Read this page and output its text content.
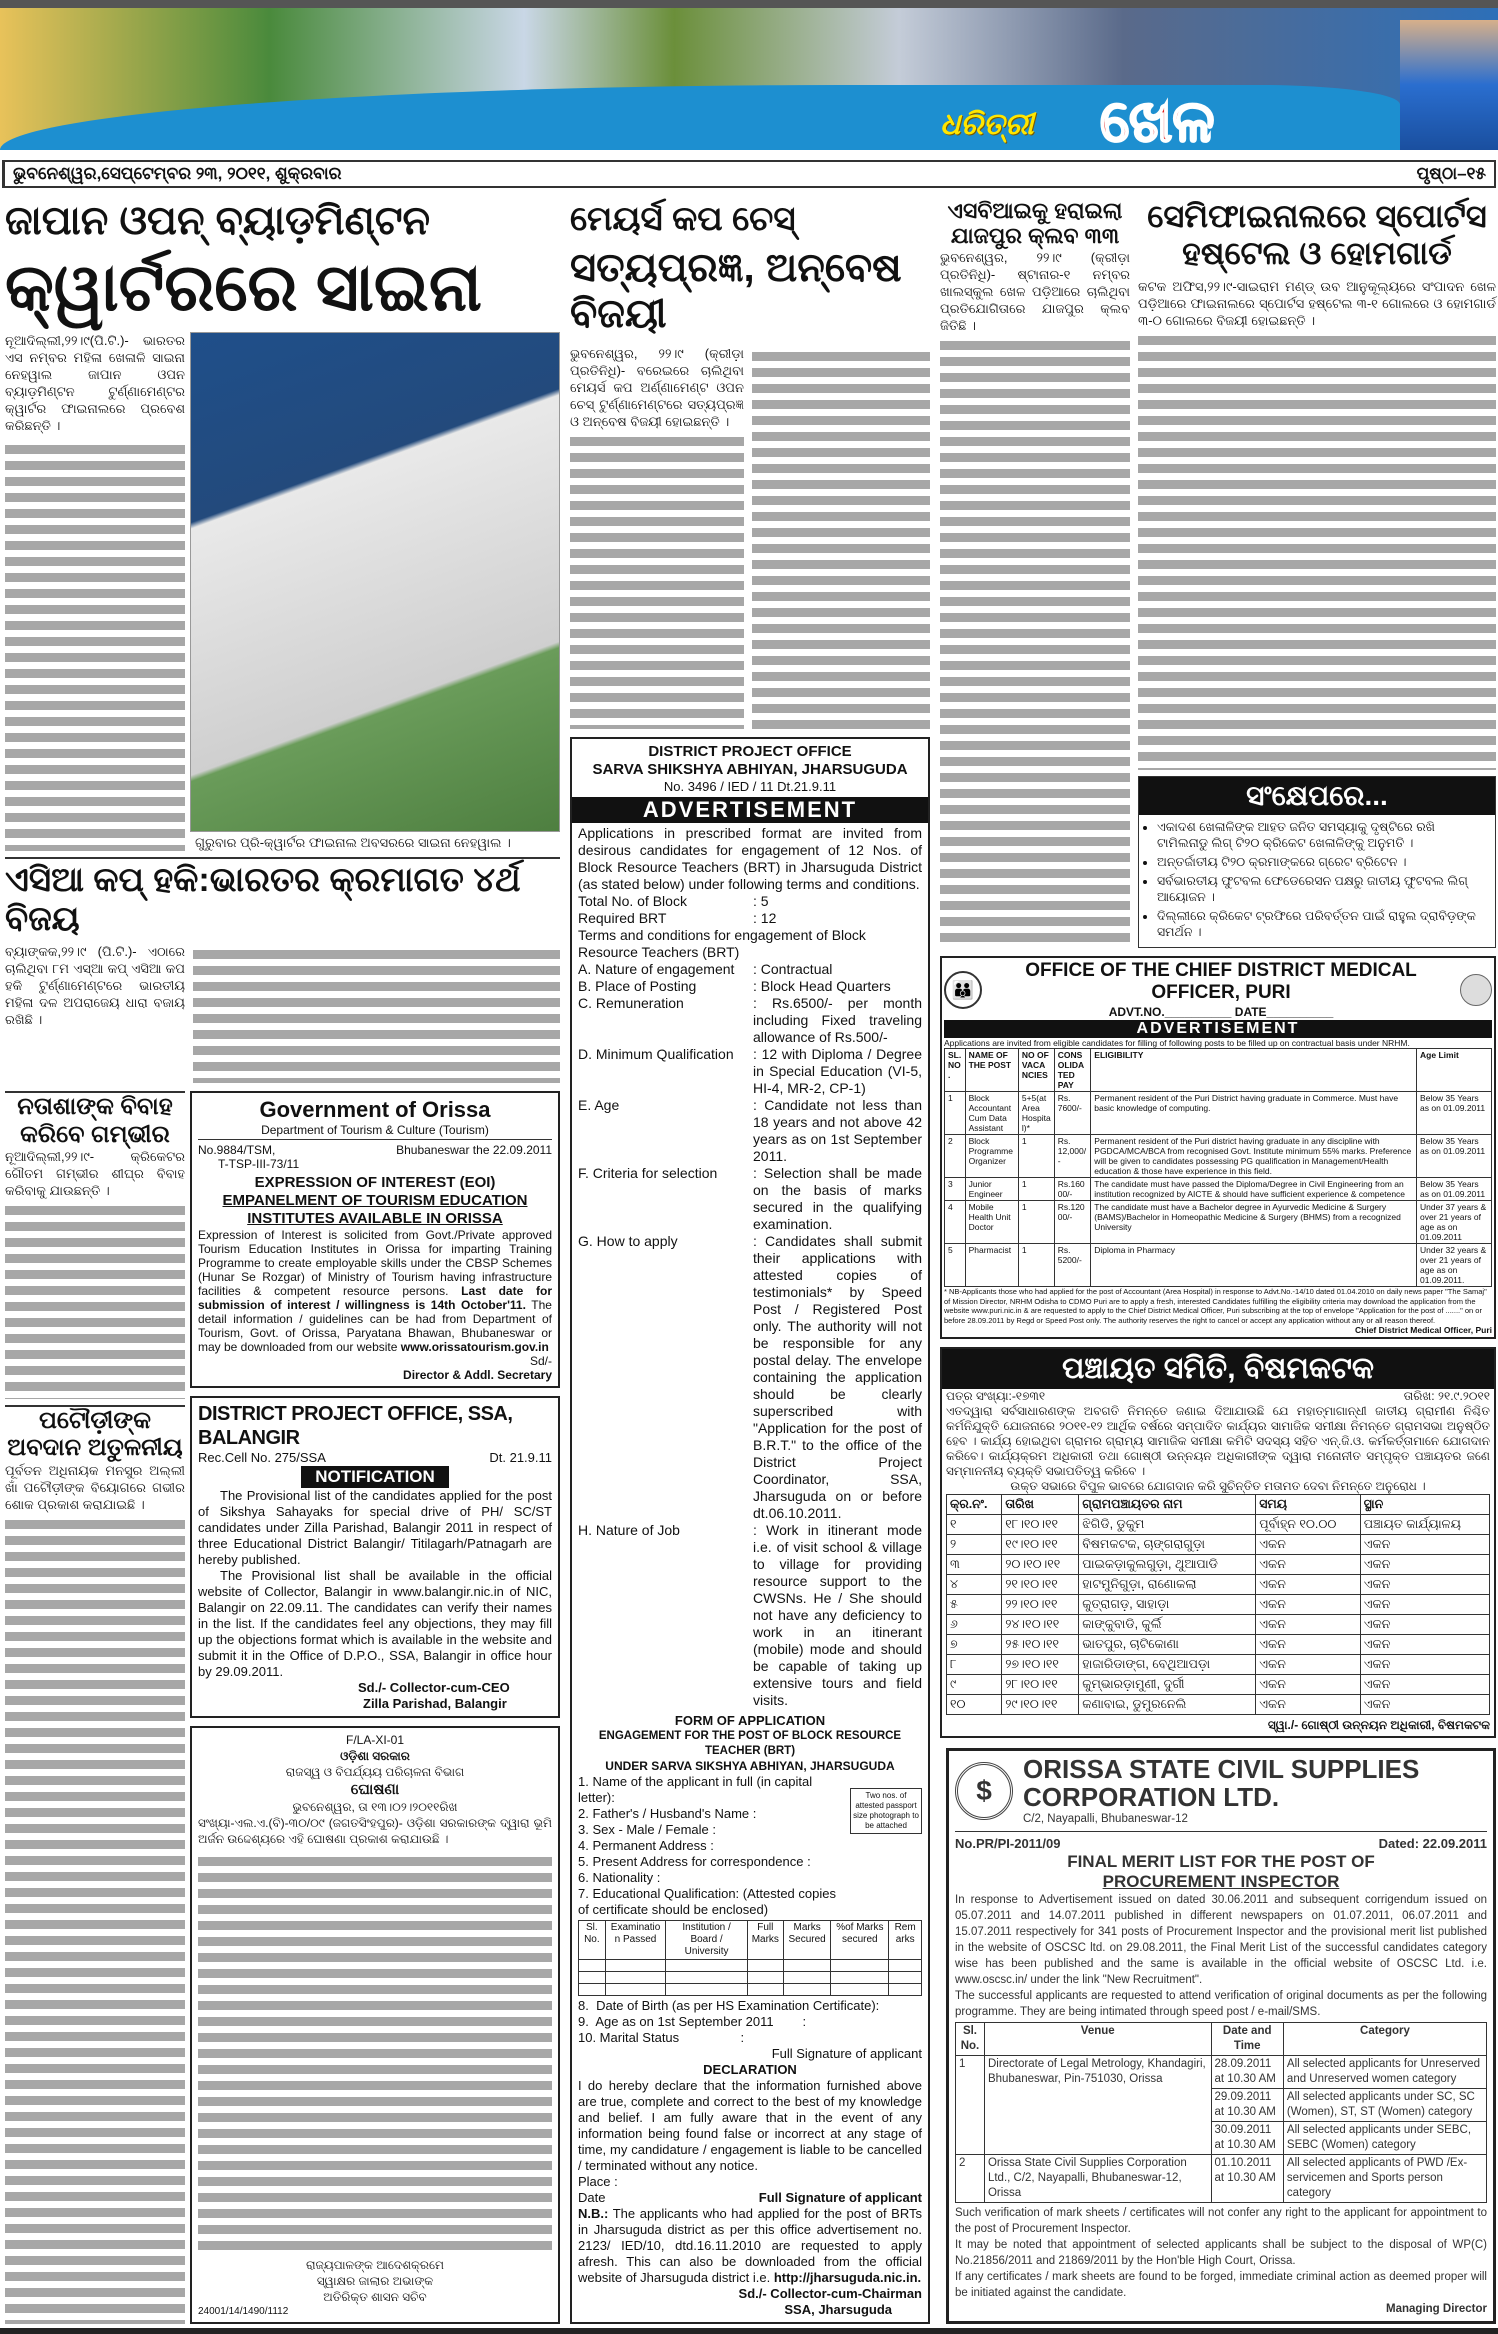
ଧରିତ୍ରୀ ଖେଳ
ଭୁବନେଶ୍ୱର,ସେପ୍ଟେମ୍ବର ୨୩, ୨୦୧୧, ଶୁକ୍ରବାର	ପୃଷ୍ଠା–୧୫
ଜାପାନ ଓପନ୍ ବ୍ୟାଡ଼ମିଣ୍ଟନ
କ୍ୱାର୍ଟରରେ ସାଇନା

ନୂଆଦିଲ୍ଲୀ,୨୨।୯(ପି.ଟି.)- ଭାରତର ଏସ ନମ୍ବର ମହିଳା ଖେଳାଳି ସାଇନା ନେହୱାଲ ଜାପାନ ଓପନ ବ୍ୟାଡ଼ମିଣ୍ଟନ ଟୁର୍ଣ୍ଣାମେଣ୍ଟର କ୍ୱାର୍ଟର ଫାଇନାଲରେ ପ୍ରବେଶ କରିଛନ୍ତି ।

ଗୁରୁବାର ପ୍ରି-କ୍ୱାର୍ଟର ଫାଇନାଲ ଅବସରରେ ସାଇନା ନେହୱାଲ ।
ଏସିଆ କପ୍ ହକି:ଭାରତର କ୍ରମାଗତ ୪ର୍ଥ ବିଜୟ

ବ୍ୟାଙ୍କକ,୨୨।୯ (ପି.ଟି.)- ଏଠାରେ ଚାଲିଥିବା ୮ମ ଏସ୍‌ଆ କପ୍ ଏସିଆ କପ ହକି ଟୁର୍ଣ୍ଣାମେଣ୍ଟରେ ଭାରତୀୟ ମହିଳା ଦଳ ଅପରାଜେୟ ଧାରା ବଜାୟ ରଖିଛି ।

ନତାଶାଙ୍କ ବିବାହ କରିବେ ଗମ୍ଭୀର

ନୂଆଦିଲ୍ଲୀ,୨୨।୯- କ୍ରିକେଟର ଗୌତମ ଗମ୍ଭୀର ଶୀଘ୍ର ବିବାହ କରିବାକୁ ଯାଉଛନ୍ତି ।

ପଟୌଡ଼ୀଙ୍କ ଅବଦାନ ଅତୁଳନୀୟ

ପୂର୍ବତନ ଅଧିନାୟକ ମନସୁର ଅଲ୍ଲୀ ଖାଁ ପଟୌଡ଼ୀଙ୍କ ବିୟୋଗରେ ଗଭୀର ଶୋକ ପ୍ରକାଶ କରାଯାଇଛି ।

Government of Orissa
Department of Tourism & Culture (Tourism)
No.9884/TSM,	Bhubaneswar the 22.09.2011
T-TSP-III-73/11
EXPRESSION OF INTEREST (EOI)
EMPANELMENT OF TOURISM EDUCATION INSTITUTES AVAILABLE IN ORISSA

Expression of Interest is solicited from Govt./Private approved Tourism Education Institutes in Orissa for imparting Training Programme to create employable skills under the CBSP Schemes (Hunar Se Rozgar) of Ministry of Tourism having infrastructure facilities & competent resource persons. Last date for submission of interest / willingness is 14th October'11. The detail information / guidelines can be had from Department of Tourism, Govt. of Orissa, Paryatana Bhawan, Bhubaneswar or may be downloaded from our website www.orissatourism.gov.in

Sd/-
Director & Addl. Secretary
DISTRICT PROJECT OFFICE, SSA, BALANGIR
Rec.Cell No. 275/SSA	Dt. 21.9.11
NOTIFICATION

The Provisional list of the candidates applied for the post of Sikshya Sahayaks for special drive of PH/ SC/ST candidates under Zilla Parishad, Balangir 2011 in respect of three Educational District Balangir/ Titilagarh/Patnagarh are hereby published.

The Provisional list shall be available in the official website of Collector, Balangir in www.balangir.nic.in of NIC, Balangir on 22.09.11. The candidates can verify their names in the list. If the candidates feel any objections, they may fill up the objections format which is available in the website and submit it in the Office of D.P.O., SSA, Balangir in office hour by 29.09.2011.

Sd./- Collector-cum-CEO
Zilla Parishad, Balangir
F/LA-XI-01
ଓଡ଼ିଶା ସରକାର
ରାଜସ୍ୱ ଓ ବିପର୍ଯ୍ୟୟ ପରିଚାଳନା ବିଭାଗ
ଘୋଷଣା
ଭୁବନେଶ୍ୱର, ତା ୧୩।୦୨।୨୦୧୧ରିଖ

ସଂଖ୍ୟା-ଏଲ.ଏ.(ବି)-୩୦/୦୯ (ଜଗତସିଂହପୁର)- ଓଡ଼ିଶା ସରକାରଙ୍କ ଦ୍ୱାରା ଭୂମି ଅର୍ଜନ ଉଦ୍ଦେଶ୍ୟରେ ଏହି ଘୋଷଣା ପ୍ରକାଶ କରାଯାଉଛି ।

ରାଜ୍ୟପାଳଙ୍କ ଆଦେଶକ୍ରମେ
ସ୍ୱାକ୍ଷର ଜାଲାର ଅଭାଙ୍କ
ଅତିରିକ୍ତ ଶାସନ ସଚିବ
24001/14/1490/1112
ମେୟର୍ସ କପ ଚେସ୍
ସତ୍ୟପ୍ରଜ୍ଞ, ଅନ୍ବେଷ ବିଜୟୀ

ଭୁବନେଶ୍ୱର, ୨୨।୯ (କ୍ରୀଡ଼ା ପ୍ରତିନିଧି)- ବରେଇରେ ଚାଲିଥିବା ମେୟର୍ସ କପ ଅର୍ଣ୍ଣାମେଣ୍ଟ ଓପନ ଚେସ୍ ଟୁର୍ଣ୍ଣାମେଣ୍ଟରେ ସତ୍ୟପ୍ରଜ୍ଞ ଓ ଅନ୍ବେଷ ବିଜୟୀ ହୋଇଛନ୍ତି ।

DISTRICT PROJECT OFFICE
SARVA SHIKSHYA ABHIYAN, JHARSUGUDA
No. 3496 / IED / 11 Dt.21.9.11
ADVERTISEMENT

Applications in prescribed format are invited from desirous candidates for engagement of 12 Nos. of Block Resource Teachers (BRT) in Jharsuguda District (as stated below) under following terms and conditions.

Total No. of Block	: 5
Required BRT	: 12

Terms and conditions for engagement of Block Resource Teachers (BRT)

A. Nature of engagement	: Contractual
B. Place of Posting	: Block Head Quarters
C. Remuneration	: Rs.6500/- per month including Fixed traveling allowance of Rs.500/-
D. Minimum Qualification	: 12 with Diploma / Degree in Special Education (VI-5, HI-4, MR-2, CP-1)
E. Age	: Candidate not less than 18 years and not above 42 years as on 1st September 2011.
F. Criteria for selection	: Selection shall be made on the basis of marks secured in the qualifying examination.
G. How to apply	: Candidates shall submit their applications with attested copies of testimonials* by Speed Post / Registered Post only. The authority will not be responsible for any postal delay. The envelope containing the application should be clearly superscribed with "Application for the post of B.R.T." to the office of the District Project Coordinator, SSA, Jharsuguda on or before dt.06.10.2011.
H. Nature of Job	: Work in itinerant mode i.e. of visit school & village to village for providing resource support to the CWSNs. He / She should not have any deficiency to work in an itinerant (mobile) mode and should be capable of taking up extensive tours and field visits.
FORM OF APPLICATION
ENGAGEMENT FOR THE POST OF BLOCK RESOURCE TEACHER (BRT)
UNDER SARVA SIKSHYA ABHIYAN, JHARSUGUDA
1. Name of the applicant in full (in capital letter):
2. Father's / Husband's Name :
3. Sex - Male / Female :
4. Permanent Address :
5. Present Address for correspondence :
6. Nationality :
7. Educational Qualification: (Attested copies of certificate should be enclosed)
Two nos. of attested passport size photograph to be attached
Sl. No.	Examination Passed	Institution / Board / University	Full Marks	Marks Secured	%of Marks secured	Remarks

8.  Date of Birth (as per HS Examination Certificate):
9.  Age as on 1st September 2011        :
10. Marital Status                 :
Full Signature of applicant
DECLARATION

I do hereby declare that the information furnished above are true, complete and correct to the best of my knowledge and belief. I am fully aware that in the event of any information being found false or incorrect at any stage of time, my candidature / engagement is liable to be cancelled / terminated without any notice.

Place :
Date	Full Signature of applicant

N.B.: The applicants who had applied for the post of BRTs in Jharsuguda district as per this office advertisement no. 2123/ IED/10, dtd.16.11.2010 are requested to apply afresh. This can also be downloaded from the official website of Jharsuguda district i.e. http://jharsuguda.nic.in.

Sd./- Collector-cum-Chairman
SSA, Jharsuguda
ଏସବିଆଇକୁ ହରାଇଲା ଯାଜପୁର କ୍ଲବ ୩୩

ଭୁବନେଶ୍ୱର, ୨୨।୯ (କ୍ରୀଡ଼ା ପ୍ରତିନିଧି)- ଷ୍ଟାନାର-୧ ନମ୍ବର ଖାଲସ୍କୁଲ ଖେଳ ପଡ଼ିଆରେ ଚାଲିଥିବା ପ୍ରତିଯୋଗିତାରେ ଯାଜପୁର କ୍ଲବ ଜିତିଛି ।

ସେମିଫାଇନାଲରେ ସ୍ପୋର୍ଟସ
ହଷ୍ଟେଲ ଓ ହୋମଗାର୍ଡ

କଟକ ଅଫିସ,୨୨।୯-ସାଇରାମ ମଣ୍ଡ୍ ଉବ ଆନୁକୂଲ୍ୟରେ ସଂପାଦନ ଖେଳ ପଡ଼ିଆରେ ଫାଇନାଲରେ ସ୍ପୋର୍ଟସ ହଷ୍ଟେଲ ୩-୧ ଗୋଲରେ ଓ ହୋମଗାର୍ଡ ୩-୦ ଗୋଲରେ ବିଜୟୀ ହୋଇଛନ୍ତି ।

ସଂକ୍ଷେପରେ...
• ଏକାଦଶ ଖେଳାଳିଙ୍କ ଆହତ ଜନିତ ସମସ୍ୟାକୁ ଦୃଷ୍ଟିରେ ରଖି ଟାମିଲନାଡୁ ଲିଗ୍‌ ଟି୨୦ କ୍ରିକେଟ ଖେଳାଳିଙ୍କୁ ଅନୁମତି ।
• ଅନ୍ତର୍ଜାତୀୟ ଟି୨୦ କ୍ରମାଙ୍କରେ ଗ୍ରେଟ ବ୍ରିଟେନ ।
• ସର୍ବଭାରତୀୟ ଫୁଟବଲ ଫେଡେରେସନ ପକ୍ଷରୁ ଜାତୀୟ ଫୁଟବଲ ଲିଗ୍ ଆୟୋଜନ ।
• ଦିଲ୍ଲୀରେ କ୍ରିକେଟ ଟ୍ରଫିରେ ପରିବର୍ତ୍ତନ ପାଇଁ ରାହୁଲ ଦ୍ରାବିଡ଼ଙ୍କ ସମର୍ଥନ ।
👪
OFFICE OF THE CHIEF DISTRICT MEDICAL OFFICER, PURI
ADVT.NO.__________ DATE__________
ADVERTISEMENT
Applications are invited from eligible candidates for filling of following posts to be filled up on contractual basis under NRHM.
SL. NO.	NAME OF THE POST	NO OF VACANCIES	CONSOLIDATED PAY	ELIGIBILITY	Age Limit
1	Block Accountant Cum Data Assistant	5+5(at Area Hospital)*	Rs. 7600/-	Permanent resident of the Puri District having graduate in Commerce. Must have basic knowledge of computing.	Below 35 Years as on 01.09.2011
2	Block Programme Organizer	1	Rs. 12,000/-	Permanent resident of the Puri district having graduate in any discipline with PGDCA/MCA/BCA from recognised Govt. Institute minimum 55% marks. Preference will be given to candidates possessing PG qualification in Management/Health education & those have experience in this field.	Below 35 Years as on 01.09.2011
3	Junior Engineer	1	Rs.16000/-	The candidate must have passed the Diploma/Degree in Civil Engineering from an institution recognized by AICTE & should have sufficient experience & competence	Below 35 Years as on 01.09.2011
4	Mobile Health Unit Doctor	1	Rs.12000/-	The candidate must have a Bachelor degree in Ayurvedic Medicine & Surgery (BAMS)/Bachelor in Homeopathic Medicine & Surgery (BHMS) from a recognized University	Under 37 years & over 21 years of age as on 01.09.2011
5	Pharmacist	1	Rs. 5200/-	Diploma in Pharmacy	Under 32 years & over 21 years of age as on 01.09.2011.

* NB-Applicants those who had applied for the post of Accountant (Area Hospital) in response to Advt.No.-14/10 dated 01.04.2010 on daily news paper "The Samaj" of Mission Director, NRHM Odisha to CDMO Puri are to apply a fresh, interested Candidates fulfilling the eligibility criteria may download the application from the website www.puri.nic.in & are requested to apply to the Chief District Medical Officer, Puri subscribing at the top of envelope "Application for the post of ......." on or before 28.09.2011 by Regd or Speed Post only. The authority reserves the right to cancel or accept any application without any or all reason thereof.

Chief District Medical Officer, Puri
ପଞ୍ଚାୟତ ସମିତି, ବିଷମକଟକ
ପତ୍ର ସଂଖ୍ୟା:-୧୭୩୧	ତାରିଖ: ୨୧.୯.୨୦୧୧

ଏତଦ୍ୱାରା ସର୍ବସାଧାରଣଙ୍କ ଅବଗତି ନିମନ୍ତେ ଜଣାଇ ଦିଆଯାଉଛି ଯେ ମହାତ୍ମାଗାନ୍ଧୀ ଜାତୀୟ ଗ୍ରାମୀଣ ନିଶ୍ଚିତ କର୍ମନିଯୁକ୍ତି ଯୋଜନାରେ ୨୦୧୧-୧୨ ଆର୍ଥିକ ବର୍ଷରେ ସମ୍ପାଦିତ କାର୍ଯ୍ୟର ସାମାଜିକ ସମୀକ୍ଷା ନିମନ୍ତେ ଗ୍ରାମସଭା ଅନୁଷ୍ଠିତ ହେବ । କାର୍ଯ୍ୟ ହୋଇଥିବା ଗ୍ରାମର ଗ୍ରାମ୍ୟ ସାମାଜିକ ସମୀକ୍ଷା କମିଟି ସଦସ୍ୟ ସହିତ ଏନ୍.ଜି.ଓ. କର୍ମକର୍ତ୍ତାମାନେ ଯୋଗଦାନ କରିବେ। କାର୍ଯ୍ୟକ୍ରମ ଅଧିକାରୀ ତଥା ଗୋଷ୍ଠୀ ଉନ୍ନୟନ ଅଧିକାରୀଙ୍କ ଦ୍ୱାରା ମନୋନୀତ ସମ୍ପୃକ୍ତ ପଞ୍ଚାୟତର ଜଣେ ସମ୍ମାନନୀୟ ବ୍ୟକ୍ତି ସଭାପତିତ୍ୱ କରିବେ ।

ଉକ୍ତ ସଭାରେ ବିପୁଳ ଭାବରେ ଯୋଗଦାନ କରି ସୁଚିନ୍ତିତ ମତାମତ ଦେବା ନିମନ୍ତେ ଅନୁରୋଧ ।

କ୍ର.ନଂ.	ତାରିଖ	ଗ୍ରାମପଞ୍ଚାୟତର ନାମ	ସମୟ	ସ୍ଥାନ
୧	୧୮।୧୦।୧୧	ଝିଗିଡି, ଡୁକୁମ	ପୂର୍ବାହ୍ନ ୧୦.୦୦	ପଞ୍ଚାୟତ କାର୍ଯ୍ୟାଳୟ
୨	୧୯।୧୦।୧୧	ବିଷମକଟକ, ଚାଙ୍ଗରାଗୁଡ଼ା	ଏକନ	ଏକନ
୩	୨୦।୧୦।୧୧	ପାଇକଡ଼ାକୁଲଗୁଡ଼ା, ଥୁଆପାଡି	ଏକନ	ଏକନ
୪	୨୧।୧୦।୧୧	ହାଟମୁନିଗୁଡ଼ା, ରାଣୋକଲା	ଏକନ	ଏକନ
୫	୨୨।୧୦।୧୧	କୁତ୍ରାଗଡ଼, ସାହାଡ଼ା	ଏକନ	ଏକନ
୬	୨୪।୧୦।୧୧	କାଙ୍କୁବାଡି, କୁର୍ଲି	ଏକନ	ଏକନ
୭	୨୫।୧୦।୧୧	ଭାତପୁର, ଚାଟିକୋଣା	ଏକନ	ଏକନ
୮	୨୭।୧୦।୧୧	ହାଜାରିଡାଙ୍ଗ, ବେଥିଆପଡ଼ା	ଏକନ	ଏକନ
୯	୨୮।୧୦।୧୧	କୁମ୍ଭାରଡ଼ାମୁଣୀ, ଦୁର୍ଗୀ	ଏକନ	ଏକନ
୧୦	୨୯।୧୦।୧୧	କଣାବାଇ, ଡୁମୁରନେଲି	ଏକନ	ଏକନ
ସ୍ୱା./- ଗୋଷ୍ଠୀ ଉନ୍ନୟନ ଅଧିକାରୀ, ବିଷମକଟକ
$
ORISSA STATE CIVIL SUPPLIES
CORPORATION LTD.
C/2, Nayapalli, Bhubaneswar-12
No.PR/PI-2011/09	Dated: 22.09.2011
FINAL MERIT LIST FOR THE POST OF
PROCUREMENT INSPECTOR

In response to Advertisement issued on dated 30.06.2011 and subsequent corrigendum issued on 05.07.2011 and 14.07.2011 published in different newspapers on 01.07.2011, 06.07.2011 and 15.07.2011 respectively for 341 posts of Procurement Inspector and the provisional merit list published in the website of OSCSC ltd. on 29.08.2011, the Final Merit List of the successful candidates category wise has been published and the same is available in the official website of OSCSC Ltd. i.e. www.oscsc.in/ under the link "New Recruitment".

The successful applicants are requested to attend verification of original documents as per the following programme. They are being intimated through speed post / e-mail/SMS.

Sl. No.	Venue	Date and Time	Category
1	Directorate of Legal Metrology, Khandagiri, Bhubaneswar, Pin-751030, Orissa	28.09.2011 at 10.30 AM	All selected applicants for Unreserved and Unreserved women category
		29.09.2011 at 10.30 AM	All selected applicants under SC, SC (Women), ST, ST (Women) category
		30.09.2011 at 10.30 AM	All selected applicants under SEBC, SEBC (Women) category
2	Orissa State Civil Supplies Corporation Ltd., C/2, Nayapalli, Bhubaneswar-12, Orissa	01.10.2011 at 10.30 AM	All selected applicants of PWD /Ex-servicemen and Sports person category

Such verification of mark sheets / certificates will not confer any right to the applicant for appointment to the post of Procurement Inspector.

It may be noted that appointment of selected applicants shall be subject to the disposal of WP(C) No.21856/2011 and 21869/2011 by the Hon'ble High Court, Orissa.

If any certificates / mark sheets are found to be forged, immediate criminal action as deemed proper will be initiated against the candidate.

Managing Director
